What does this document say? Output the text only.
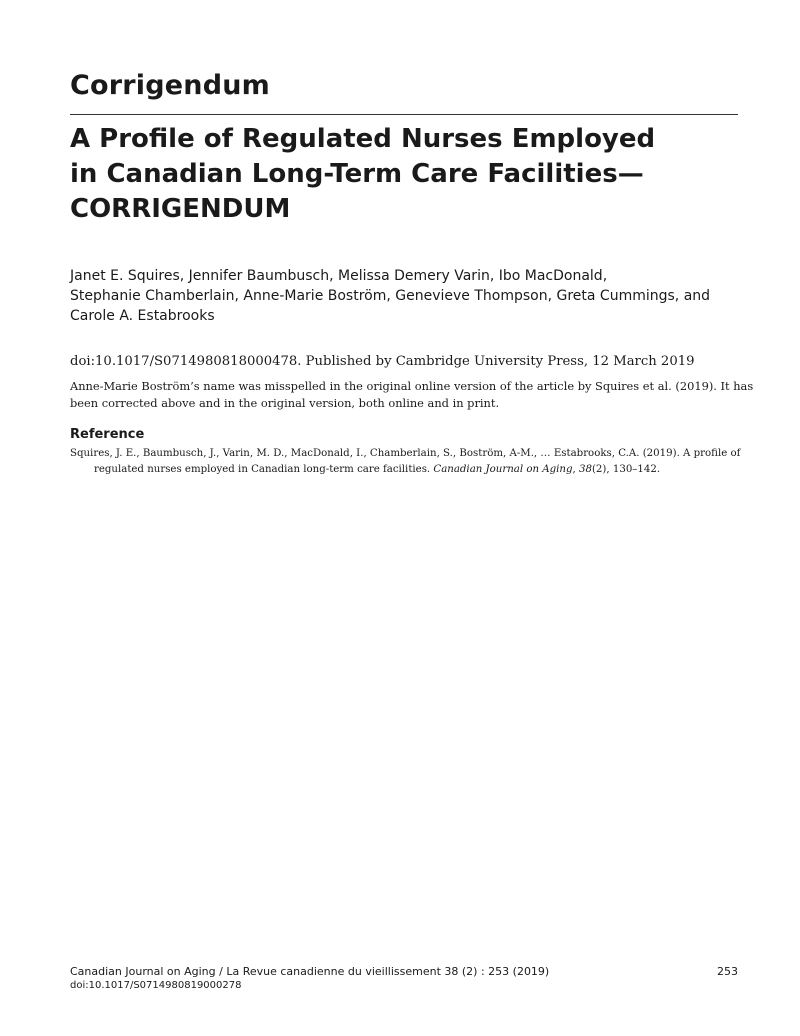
Corrigendum
A Profile of Regulated Nurses Employed
in Canadian Long-Term Care Facilities—
CORRIGENDUM

Janet E. Squires, Jennifer Baumbusch, Melissa Demery Varin, Ibo MacDonald,
Stephanie Chamberlain, Anne-Marie Boström, Genevieve Thompson, Greta Cummings, and
Carole A. Estabrooks

doi:10.1017/S0714980818000478. Published by Cambridge University Press, 12 March 2019

Anne-Marie Boström’s name was misspelled in the original online version of the article by Squires et al. (2019). It has
been corrected above and in the original version, both online and in print.

Reference

Squires, J. E., Baumbusch, J., Varin, M. D., MacDonald, I., Chamberlain, S., Boström, A-M., … Estabrooks, C.A. (2019). A profile of
regulated nurses employed in Canadian long-term care facilities. Canadian Journal on Aging, 38(2), 130–142.

Canadian Journal on Aging / La Revue canadienne du vieillissement 38 (2) : 253 (2019)	253
doi:10.1017/S0714980819000278
